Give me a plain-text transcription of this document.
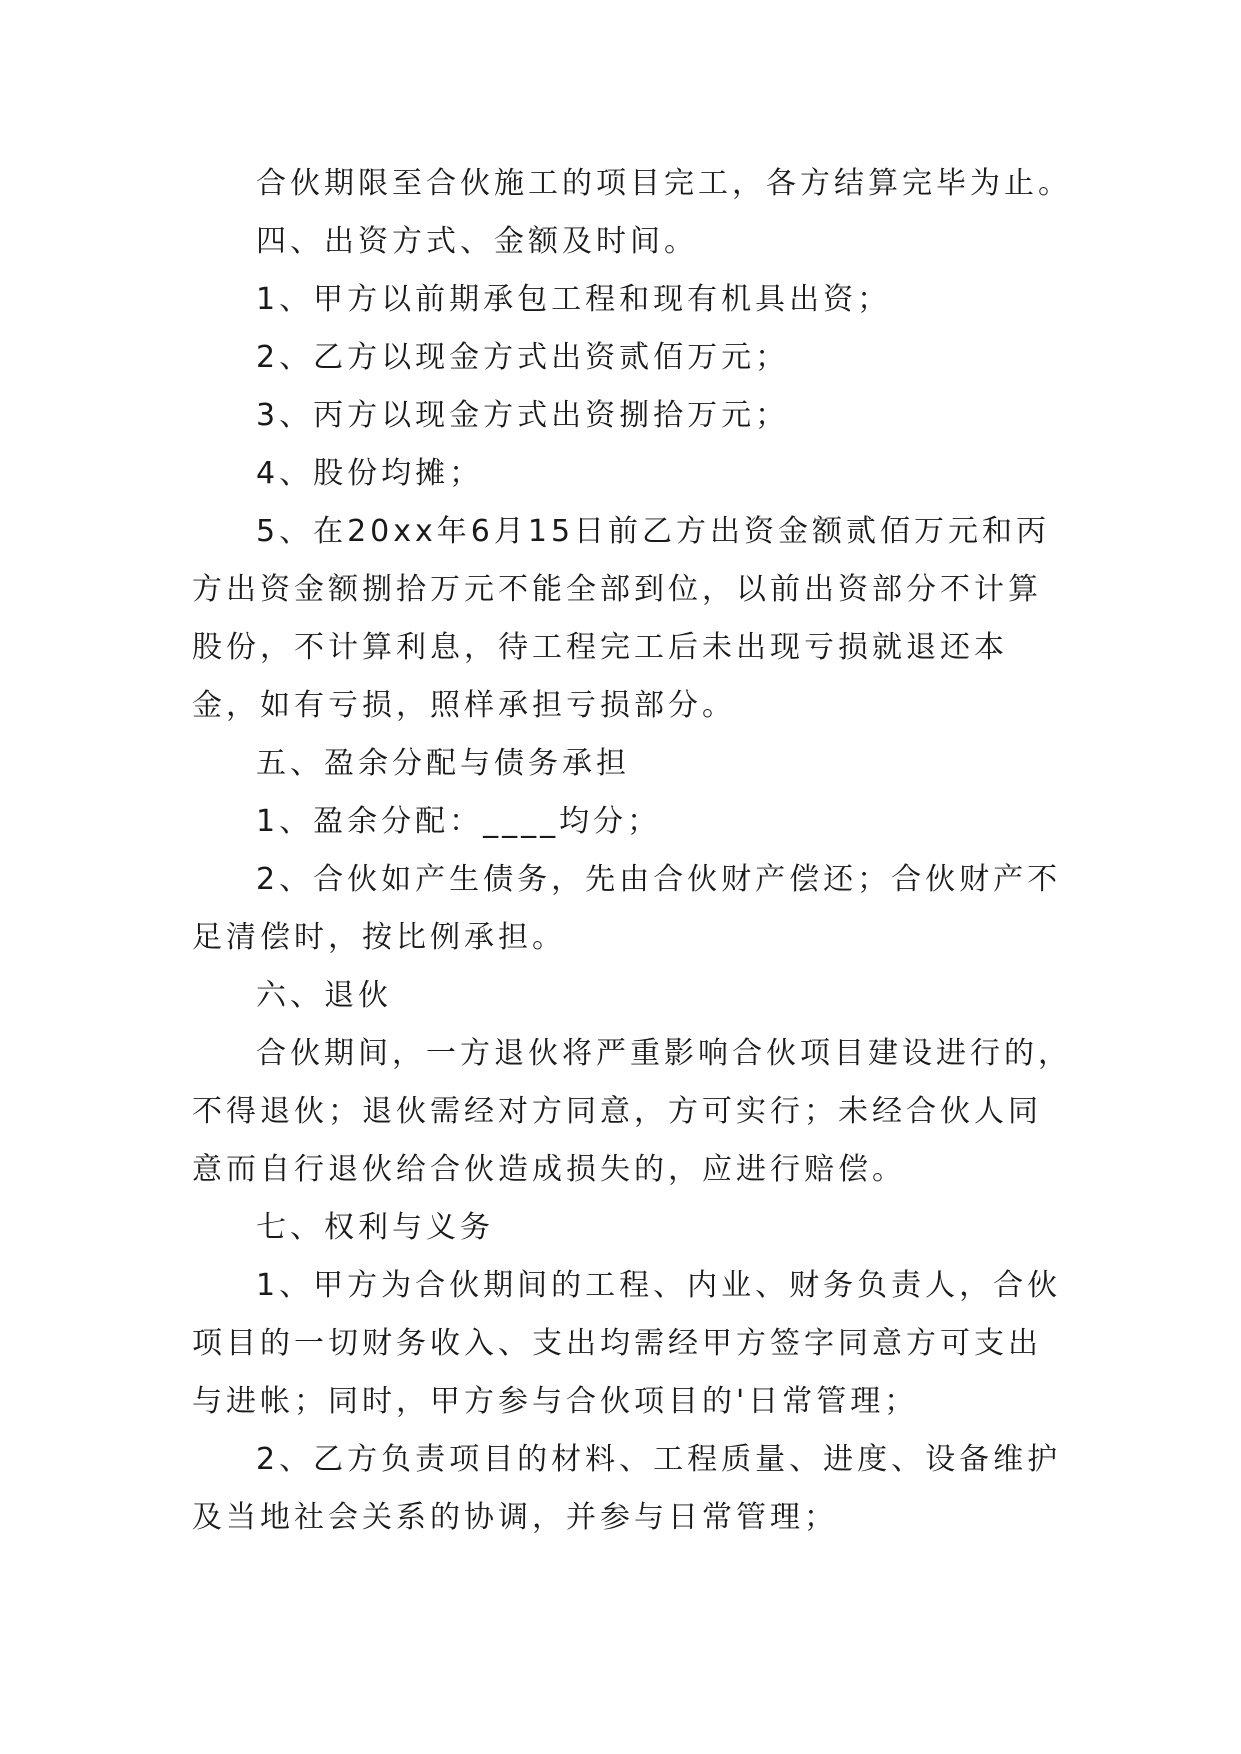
合伙期限至合伙施工的项目完工，各方结算完毕为止。

四、出资方式、金额及时间。

1、甲方以前期承包工程和现有机具出资；

2、乙方以现金方式出资贰佰万元；

3、丙方以现金方式出资捌拾万元；

4、股份均摊；

5、在20xx年6月15日前乙方出资金额贰佰万元和丙方出资金额捌拾万元不能全部到位，以前出资部分不计算股份，不计算利息，待工程完工后未出现亏损就退还本金，如有亏损，照样承担亏损部分。

五、盈余分配与债务承担

1、盈余分配：____均分；

2、合伙如产生债务，先由合伙财产偿还；合伙财产不足清偿时，按比例承担。

六、退伙

合伙期间，一方退伙将严重影响合伙项目建设进行的，不得退伙；退伙需经对方同意，方可实行；未经合伙人同意而自行退伙给合伙造成损失的，应进行赔偿。

七、权利与义务

1、甲方为合伙期间的工程、内业、财务负责人，合伙项目的一切财务收入、支出均需经甲方签字同意方可支出与进帐；同时，甲方参与合伙项目的'日常管理；

2、乙方负责项目的材料、工程质量、进度、设备维护及当地社会关系的协调，并参与日常管理；
